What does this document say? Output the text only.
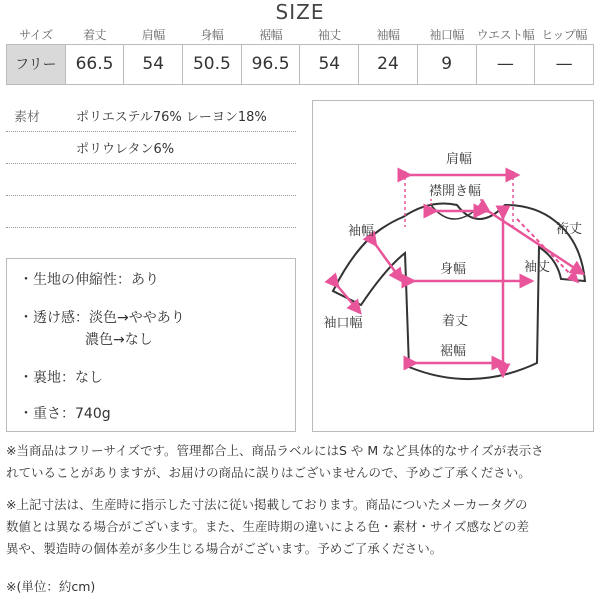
SIZE
サイズ	着丈	肩幅	身幅	裾幅	袖丈	袖幅	袖口幅	ウエスト幅	ヒップ幅
フリー	66.5	54	50.5	96.5	54	24	9	—	—
素材	ポリエステル76% レーヨン18%
ポリウレタン6%
・生地の伸縮性：あり
・透け感：淡色→ややあり
濃色→なし
・裏地：なし
・重さ：740g
肩幅
襟開き幅
袖幅	裄丈
袖丈
身幅
袖口幅	着丈
裾幅
※当商品はフリーサイズです。管理都合上、商品ラベルにはS や M など具体的なサイズが表示さ
れていることがありますが、お届けの商品に誤りはございませんので、予めご了承ください。
※上記寸法は、生産時に指示した寸法に従い掲載しております。商品についたメーカータグの
数値とは異なる場合がございます。また、生産時期の違いによる色・素材・サイズ感などの差
異や、製造時の個体差が多少生じる場合がございます。予めご了承ください。
※(単位：約cm)
